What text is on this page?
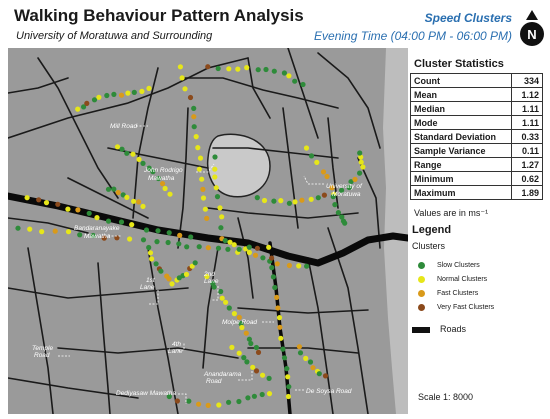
Walking Behaviour Pattern Analysis
University of Moratuwa and Surrounding
Speed Clusters
Evening Time (04:00 PM - 06:00 PM) N
Mill Road
John Rodrigo
Mawatha
University of
Moratuwa
Bandaranayake
Mawatha
1st
Lane
2nd
Lane
Molpe Road
4th
Lane
Temple
Road
Anandarama
Road
Dediyasaw Mawatha	De Soysa Road
Cluster Statistics
Count	334
Mean	1.12
Median	1.11
Mode	1.11
Standard Deviation	0.33
Sample Variance	0.11
Range	1.27
Minimum	0.62
Maximum	1.89
Values are in ms⁻¹
Legend
Clusters
Slow Clusters
Normal Clusters
Fast Clusters
Very Fast Clusters
Roads
Scale 1: 8000
